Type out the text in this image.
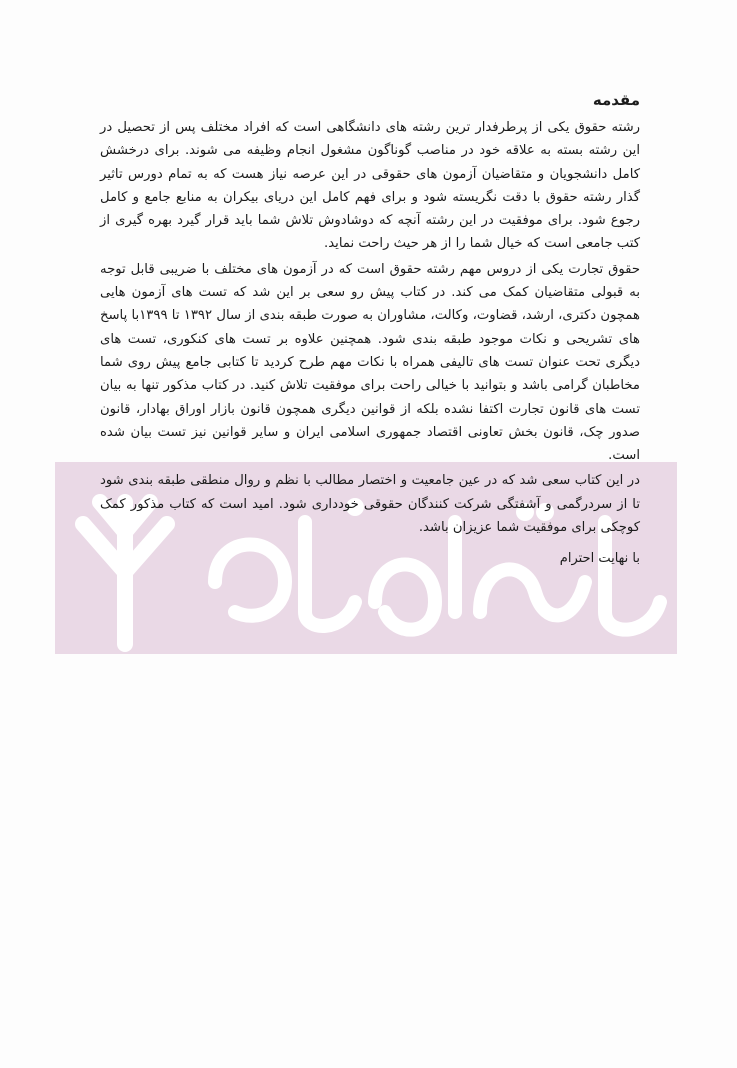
مقدمه

رشته حقوق یکی از پرطرفدار ترین رشته های دانشگاهی است که افراد مختلف پس از تحصیل در این رشته بسته به علاقه خود در مناصب گوناگون مشغول انجام وظیفه می شوند. برای درخشش کامل دانشجویان و متقاضیان آزمون های حقوقی در این عرصه نیاز هست که به تمام دورس تاثیر گذار رشته حقوق با دقت نگریسته شود و برای فهم کامل این دریای بیکران به منابع جامع و کامل رجوع شود. برای موفقیت در این رشته آنچه که دوشادوش تلاش شما باید قرار گیرد بهره گیری از کتب جامعی است که خیال شما را از هر حیث راحت نماید.

حقوق تجارت یکی از دروس مهم رشته حقوق است که در آزمون های مختلف با ضریبی قابل توجه به قبولی متقاضیان کمک می کند. در کتاب پیش رو سعی بر این شد که تست های آزمون هایی همچون دکتری، ارشد، قضاوت، وکالت، مشاوران به صورت طبقه بندی از سال ۱۳۹۲ تا ۱۳۹۹با پاسخ های تشریحی و نکات موجود طبقه بندی شود. همچنین علاوه بر تست های کنکوری، تست های دیگری تحت عنوان تست های تالیفی همراه با نکات مهم طرح کردید تا کتابی جامع پیش روی شما مخاطبان گرامی باشد و بتوانید با خیالی راحت برای موفقیت تلاش کنید. در کتاب مذکور تنها به بیان تست های قانون تجارت اکتفا نشده بلکه از قوانین دیگری همچون قانون بازار اوراق بهادار، قانون صدور چک، قانون بخش تعاونی اقتصاد جمهوری اسلامی ایران و سایر قوانین نیز تست بیان شده است.

در این کتاب سعی شد که در عین جامعیت و اختصار مطالب با نظم و روال منطقی طبقه بندی شود تا از سردرگمی و آشفتگی شرکت کنندگان حقوقی خودداری شود. امید است که کتاب مذکور کمک کوچکی برای موفقیت شما عزیزان باشد.

با نهایت احترام
